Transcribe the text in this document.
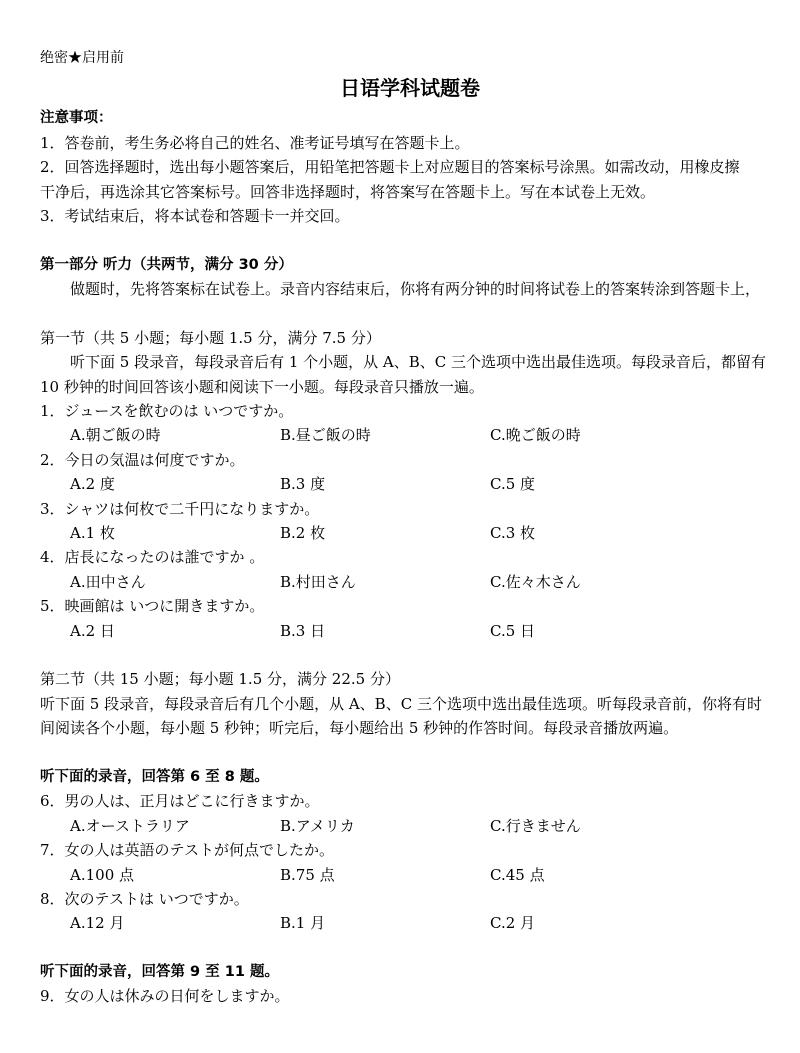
绝密★启用前
日语学科试题卷
注意事项：
1．答卷前，考生务必将自己的姓名、准考证号填写在答题卡上。
2．回答选择题时，选出每小题答案后，用铅笔把答题卡上对应题目的答案标号涂黑。如需改动，用橡皮擦
干净后，再选涂其它答案标号。回答非选择题时，将答案写在答题卡上。写在本试卷上无效。
3．考试结束后，将本试卷和答题卡一并交回。
第一部分 听力（共两节，满分 30 分）
做题时，先将答案标在试卷上。录音内容结束后，你将有两分钟的时间将试卷上的答案转涂到答题卡上，
第一节（共 5 小题；每小题 1.5 分，满分 7.5 分）
听下面 5 段录音，每段录音后有 1 个小题，从 A、B、C 三个选项中选出最佳选项。每段录音后，都留有
10 秒钟的时间回答该小题和阅读下一小题。每段录音只播放一遍。
1．ジュースを飲むのは いつですか。
A.朝ご飯の時	B.昼ご飯の時	C.晩ご飯の時
2．今日の気温は何度ですか。
A.2 度	B.3 度	C.5 度
3．シャツは何枚で二千円になりますか。
A.1 枚	B.2 枚	C.3 枚
4．店長になったのは誰ですか 。
A.田中さん	B.村田さん	C.佐々木さん
5．映画館は いつに開きますか。
A.2 日	B.3 日	C.5 日
第二节（共 15 小题；每小题 1.5 分，满分 22.5 分）
听下面 5 段录音，每段录音后有几个小题，从 A、B、C 三个选项中选出最佳选项。听每段录音前，你将有时
间阅读各个小题，每小题 5 秒钟；听完后，每小题给出 5 秒钟的作答时间。每段录音播放两遍。
听下面的录音，回答第 6 至 8 题。
6．男の人は、正月はどこに行きますか。
A.オーストラリア	B.アメリカ	C.行きません
7．女の人は英語のテストが何点でしたか。
A.100 点	B.75 点	C.45 点
8．次のテストは いつですか。
A.12 月	B.1 月	C.2 月
听下面的录音，回答第 9 至 11 题。
9．女の人は休みの日何をしますか。
